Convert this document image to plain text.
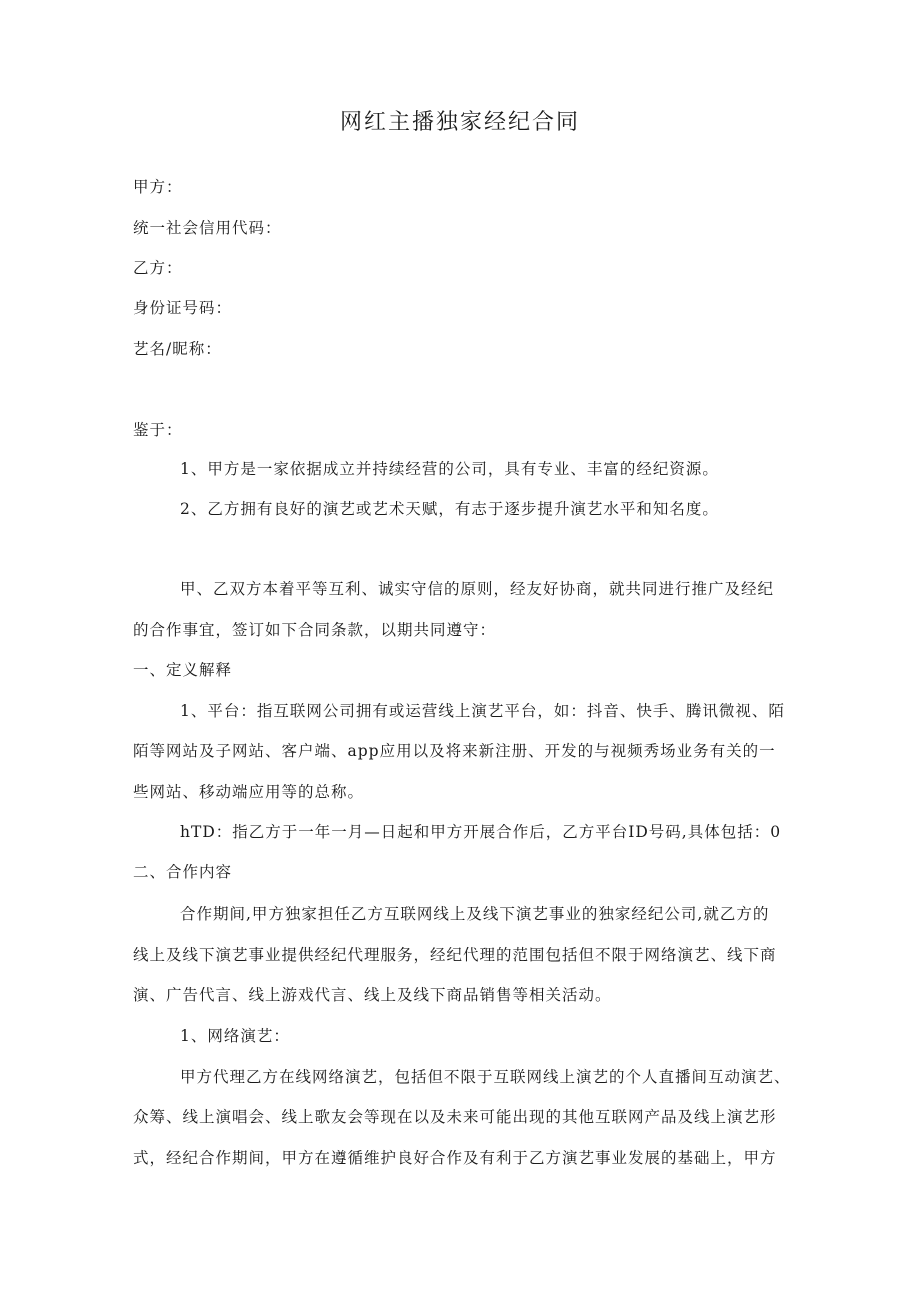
网红主播独家经纪合同

甲方：

统一社会信用代码：

乙方：

身份证号码：

艺名/昵称：

鉴于：

1、甲方是一家依据成立并持续经营的公司，具有专业、丰富的经纪资源。

2、乙方拥有良好的演艺或艺术天赋，有志于逐步提升演艺水平和知名度。

甲、乙双方本着平等互利、诚实守信的原则，经友好协商，就共同进行推广及经纪

的合作事宜，签订如下合同条款，以期共同遵守：

一、定义解释

1、平台：指互联网公司拥有或运营线上演艺平台，如：抖音、快手、腾讯微视、陌

陌等网站及子网站、客户端、app应用以及将来新注册、开发的与视频秀场业务有关的一

些网站、移动端应用等的总称。

hTD：指乙方于一年一月—日起和甲方开展合作后，乙方平台ID号码,具体包括：0

二、合作内容

合作期间,甲方独家担任乙方互联网线上及线下演艺事业的独家经纪公司,就乙方的

线上及线下演艺事业提供经纪代理服务，经纪代理的范围包括但不限于网络演艺、线下商

演、广告代言、线上游戏代言、线上及线下商品销售等相关活动。

1、网络演艺：

甲方代理乙方在线网络演艺，包括但不限于互联网线上演艺的个人直播间互动演艺、

众筹、线上演唱会、线上歌友会等现在以及未来可能出现的其他互联网产品及线上演艺形

式，经纪合作期间，甲方在遵循维护良好合作及有利于乙方演艺事业发展的基础上，甲方
